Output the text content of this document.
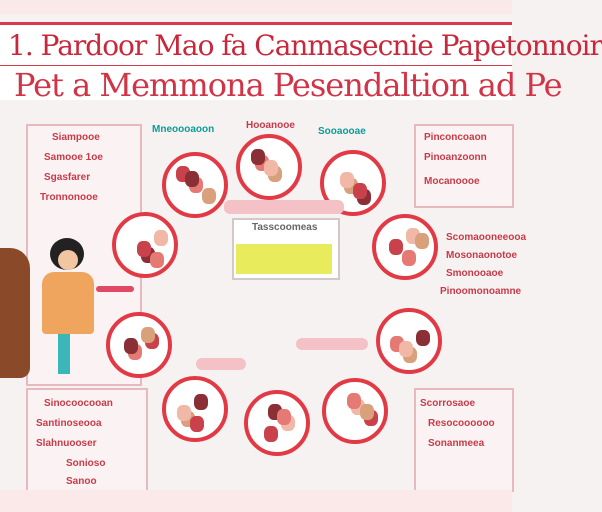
1. Pardoor Mao fa Canmasecnie Papetonnoir
Pet a Memmona Pesendaltion ad Pe
Siampooe
Samooe 1oe
Sgasfarer
Tronnonooe
Sinocoocooan
Santinoseooa
Slahnuooser
Sonioso
Sanoo
Pinconcoaon
Pinoanzoonn
Mocanoooe
Scomaooneeooa
Mosonaonotoe
Smonooaoe
Pinoomonoamne
Scorrosaoe
Resocoooooo
Sonanmeea
Mneoooaoon	Hooanooe
Sooaooae
Tasscoomeas
